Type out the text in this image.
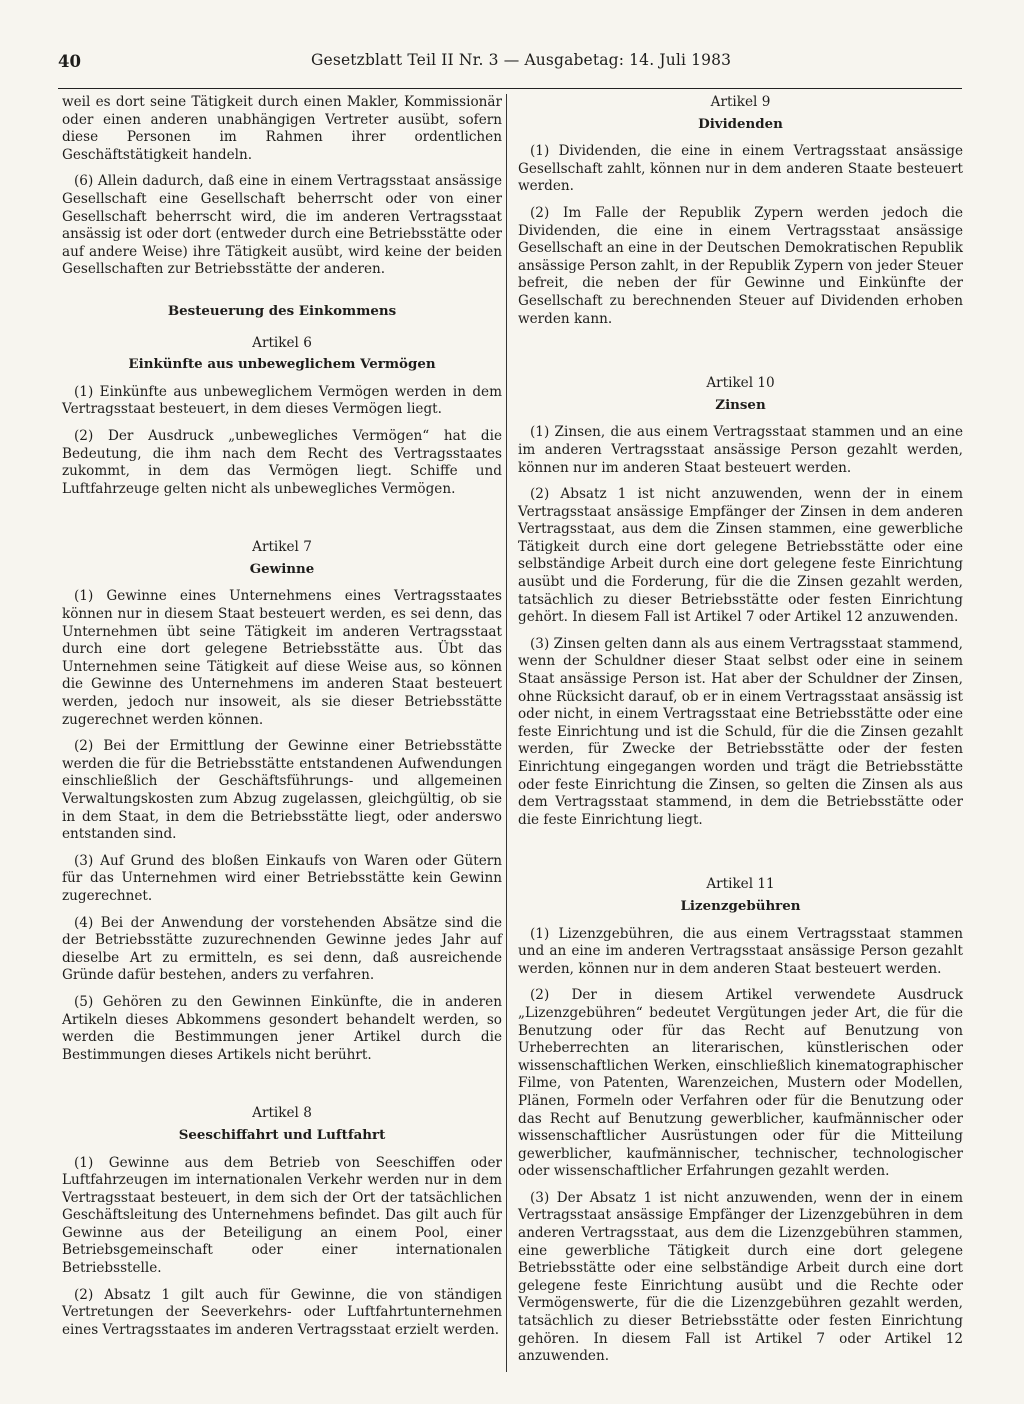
40	Gesetzblatt Teil II Nr. 3 — Ausgabetag: 14. Juli 1983

weil es dort seine Tätigkeit durch einen Makler, Kommissionär oder einen anderen unabhängigen Vertreter ausübt, sofern diese Personen im Rahmen ihrer ordentlichen Geschäftstätigkeit handeln.

(6) Allein dadurch, daß eine in einem Vertragsstaat ansässige Gesellschaft eine Gesellschaft beherrscht oder von einer Gesellschaft beherrscht wird, die im anderen Vertragsstaat ansässig ist oder dort (entweder durch eine Betriebsstätte oder auf andere Weise) ihre Tätigkeit ausübt, wird keine der beiden Gesellschaften zur Betriebsstätte der anderen.

Besteuerung des Einkommens
Artikel 6
Einkünfte aus unbeweglichem Vermögen

(1) Einkünfte aus unbeweglichem Vermögen werden in dem Vertragsstaat besteuert, in dem dieses Vermögen liegt.

(2) Der Ausdruck „unbewegliches Vermögen“ hat die Bedeutung, die ihm nach dem Recht des Vertragsstaates zukommt, in dem das Vermögen liegt. Schiffe und Luftfahrzeuge gelten nicht als unbewegliches Vermögen.

Artikel 7
Gewinne

(1) Gewinne eines Unternehmens eines Vertragsstaates können nur in diesem Staat besteuert werden, es sei denn, das Unternehmen übt seine Tätigkeit im anderen Vertragsstaat durch eine dort gelegene Betriebsstätte aus. Übt das Unternehmen seine Tätigkeit auf diese Weise aus, so können die Gewinne des Unternehmens im anderen Staat besteuert werden, jedoch nur insoweit, als sie dieser Betriebsstätte zugerechnet werden können.

(2) Bei der Ermittlung der Gewinne einer Betriebsstätte werden die für die Betriebsstätte entstandenen Aufwendungen einschließlich der Geschäftsführungs- und allgemeinen Verwaltungskosten zum Abzug zugelassen, gleichgültig, ob sie in dem Staat, in dem die Betriebsstätte liegt, oder anderswo entstanden sind.

(3) Auf Grund des bloßen Einkaufs von Waren oder Gütern für das Unternehmen wird einer Betriebsstätte kein Gewinn zugerechnet.

(4) Bei der Anwendung der vorstehenden Absätze sind die der Betriebsstätte zuzurechnenden Gewinne jedes Jahr auf dieselbe Art zu ermitteln, es sei denn, daß ausreichende Gründe dafür bestehen, anders zu verfahren.

(5) Gehören zu den Gewinnen Einkünfte, die in anderen Artikeln dieses Abkommens gesondert behandelt werden, so werden die Bestimmungen jener Artikel durch die Bestimmungen dieses Artikels nicht berührt.

Artikel 8
Seeschiffahrt und Luftfahrt

(1) Gewinne aus dem Betrieb von Seeschiffen oder Luftfahrzeugen im internationalen Verkehr werden nur in dem Vertragsstaat besteuert, in dem sich der Ort der tatsächlichen Geschäftsleitung des Unternehmens befindet. Das gilt auch für Gewinne aus der Beteiligung an einem Pool, einer Betriebsgemeinschaft oder einer internationalen Betriebsstelle.

(2) Absatz 1 gilt auch für Gewinne, die von ständigen Vertretungen der Seeverkehrs- oder Luftfahrtunternehmen eines Vertragsstaates im anderen Vertragsstaat erzielt werden.

Artikel 9
Dividenden

(1) Dividenden, die eine in einem Vertragsstaat ansässige Gesellschaft zahlt, können nur in dem anderen Staate besteuert werden.

(2) Im Falle der Republik Zypern werden jedoch die Dividenden, die eine in einem Vertragsstaat ansässige Gesellschaft an eine in der Deutschen Demokratischen Republik ansässige Person zahlt, in der Republik Zypern von jeder Steuer befreit, die neben der für Gewinne und Einkünfte der Gesellschaft zu berechnenden Steuer auf Dividenden erhoben werden kann.

Artikel 10
Zinsen

(1) Zinsen, die aus einem Vertragsstaat stammen und an eine im anderen Vertragsstaat ansässige Person gezahlt werden, können nur im anderen Staat besteuert werden.

(2) Absatz 1 ist nicht anzuwenden, wenn der in einem Vertragsstaat ansässige Empfänger der Zinsen in dem anderen Vertragsstaat, aus dem die Zinsen stammen, eine gewerbliche Tätigkeit durch eine dort gelegene Betriebsstätte oder eine selbständige Arbeit durch eine dort gelegene feste Einrichtung ausübt und die Forderung, für die die Zinsen gezahlt werden, tatsächlich zu dieser Betriebsstätte oder festen Einrichtung gehört. In diesem Fall ist Artikel 7 oder Artikel 12 anzuwenden.

(3) Zinsen gelten dann als aus einem Vertragsstaat stammend, wenn der Schuldner dieser Staat selbst oder eine in seinem Staat ansässige Person ist. Hat aber der Schuldner der Zinsen, ohne Rücksicht darauf, ob er in einem Vertragsstaat ansässig ist oder nicht, in einem Vertragsstaat eine Betriebsstätte oder eine feste Einrichtung und ist die Schuld, für die die Zinsen gezahlt werden, für Zwecke der Betriebsstätte oder der festen Einrichtung eingegangen worden und trägt die Betriebsstätte oder feste Einrichtung die Zinsen, so gelten die Zinsen als aus dem Vertragsstaat stammend, in dem die Betriebsstätte oder die feste Einrichtung liegt.

Artikel 11
Lizenzgebühren

(1) Lizenzgebühren, die aus einem Vertragsstaat stammen und an eine im anderen Vertragsstaat ansässige Person gezahlt werden, können nur in dem anderen Staat besteuert werden.

(2) Der in diesem Artikel verwendete Ausdruck „Lizenzgebühren“ bedeutet Vergütungen jeder Art, die für die Benutzung oder für das Recht auf Benutzung von Urheberrechten an literarischen, künstlerischen oder wissenschaftlichen Werken, einschließlich kinematographischer Filme, von Patenten, Warenzeichen, Mustern oder Modellen, Plänen, Formeln oder Verfahren oder für die Benutzung oder das Recht auf Benutzung gewerblicher, kaufmännischer oder wissenschaftlicher Ausrüstungen oder für die Mitteilung gewerblicher, kaufmännischer, technischer, technologischer oder wissenschaftlicher Erfahrungen gezahlt werden.

(3) Der Absatz 1 ist nicht anzuwenden, wenn der in einem Vertragsstaat ansässige Empfänger der Lizenzgebühren in dem anderen Vertragsstaat, aus dem die Lizenzgebühren stammen, eine gewerbliche Tätigkeit durch eine dort gelegene Betriebsstätte oder eine selbständige Arbeit durch eine dort gelegene feste Einrichtung ausübt und die Rechte oder Vermögenswerte, für die die Lizenzgebühren gezahlt werden, tatsächlich zu dieser Betriebsstätte oder festen Einrichtung gehören. In diesem Fall ist Artikel 7 oder Artikel 12 anzuwenden.
